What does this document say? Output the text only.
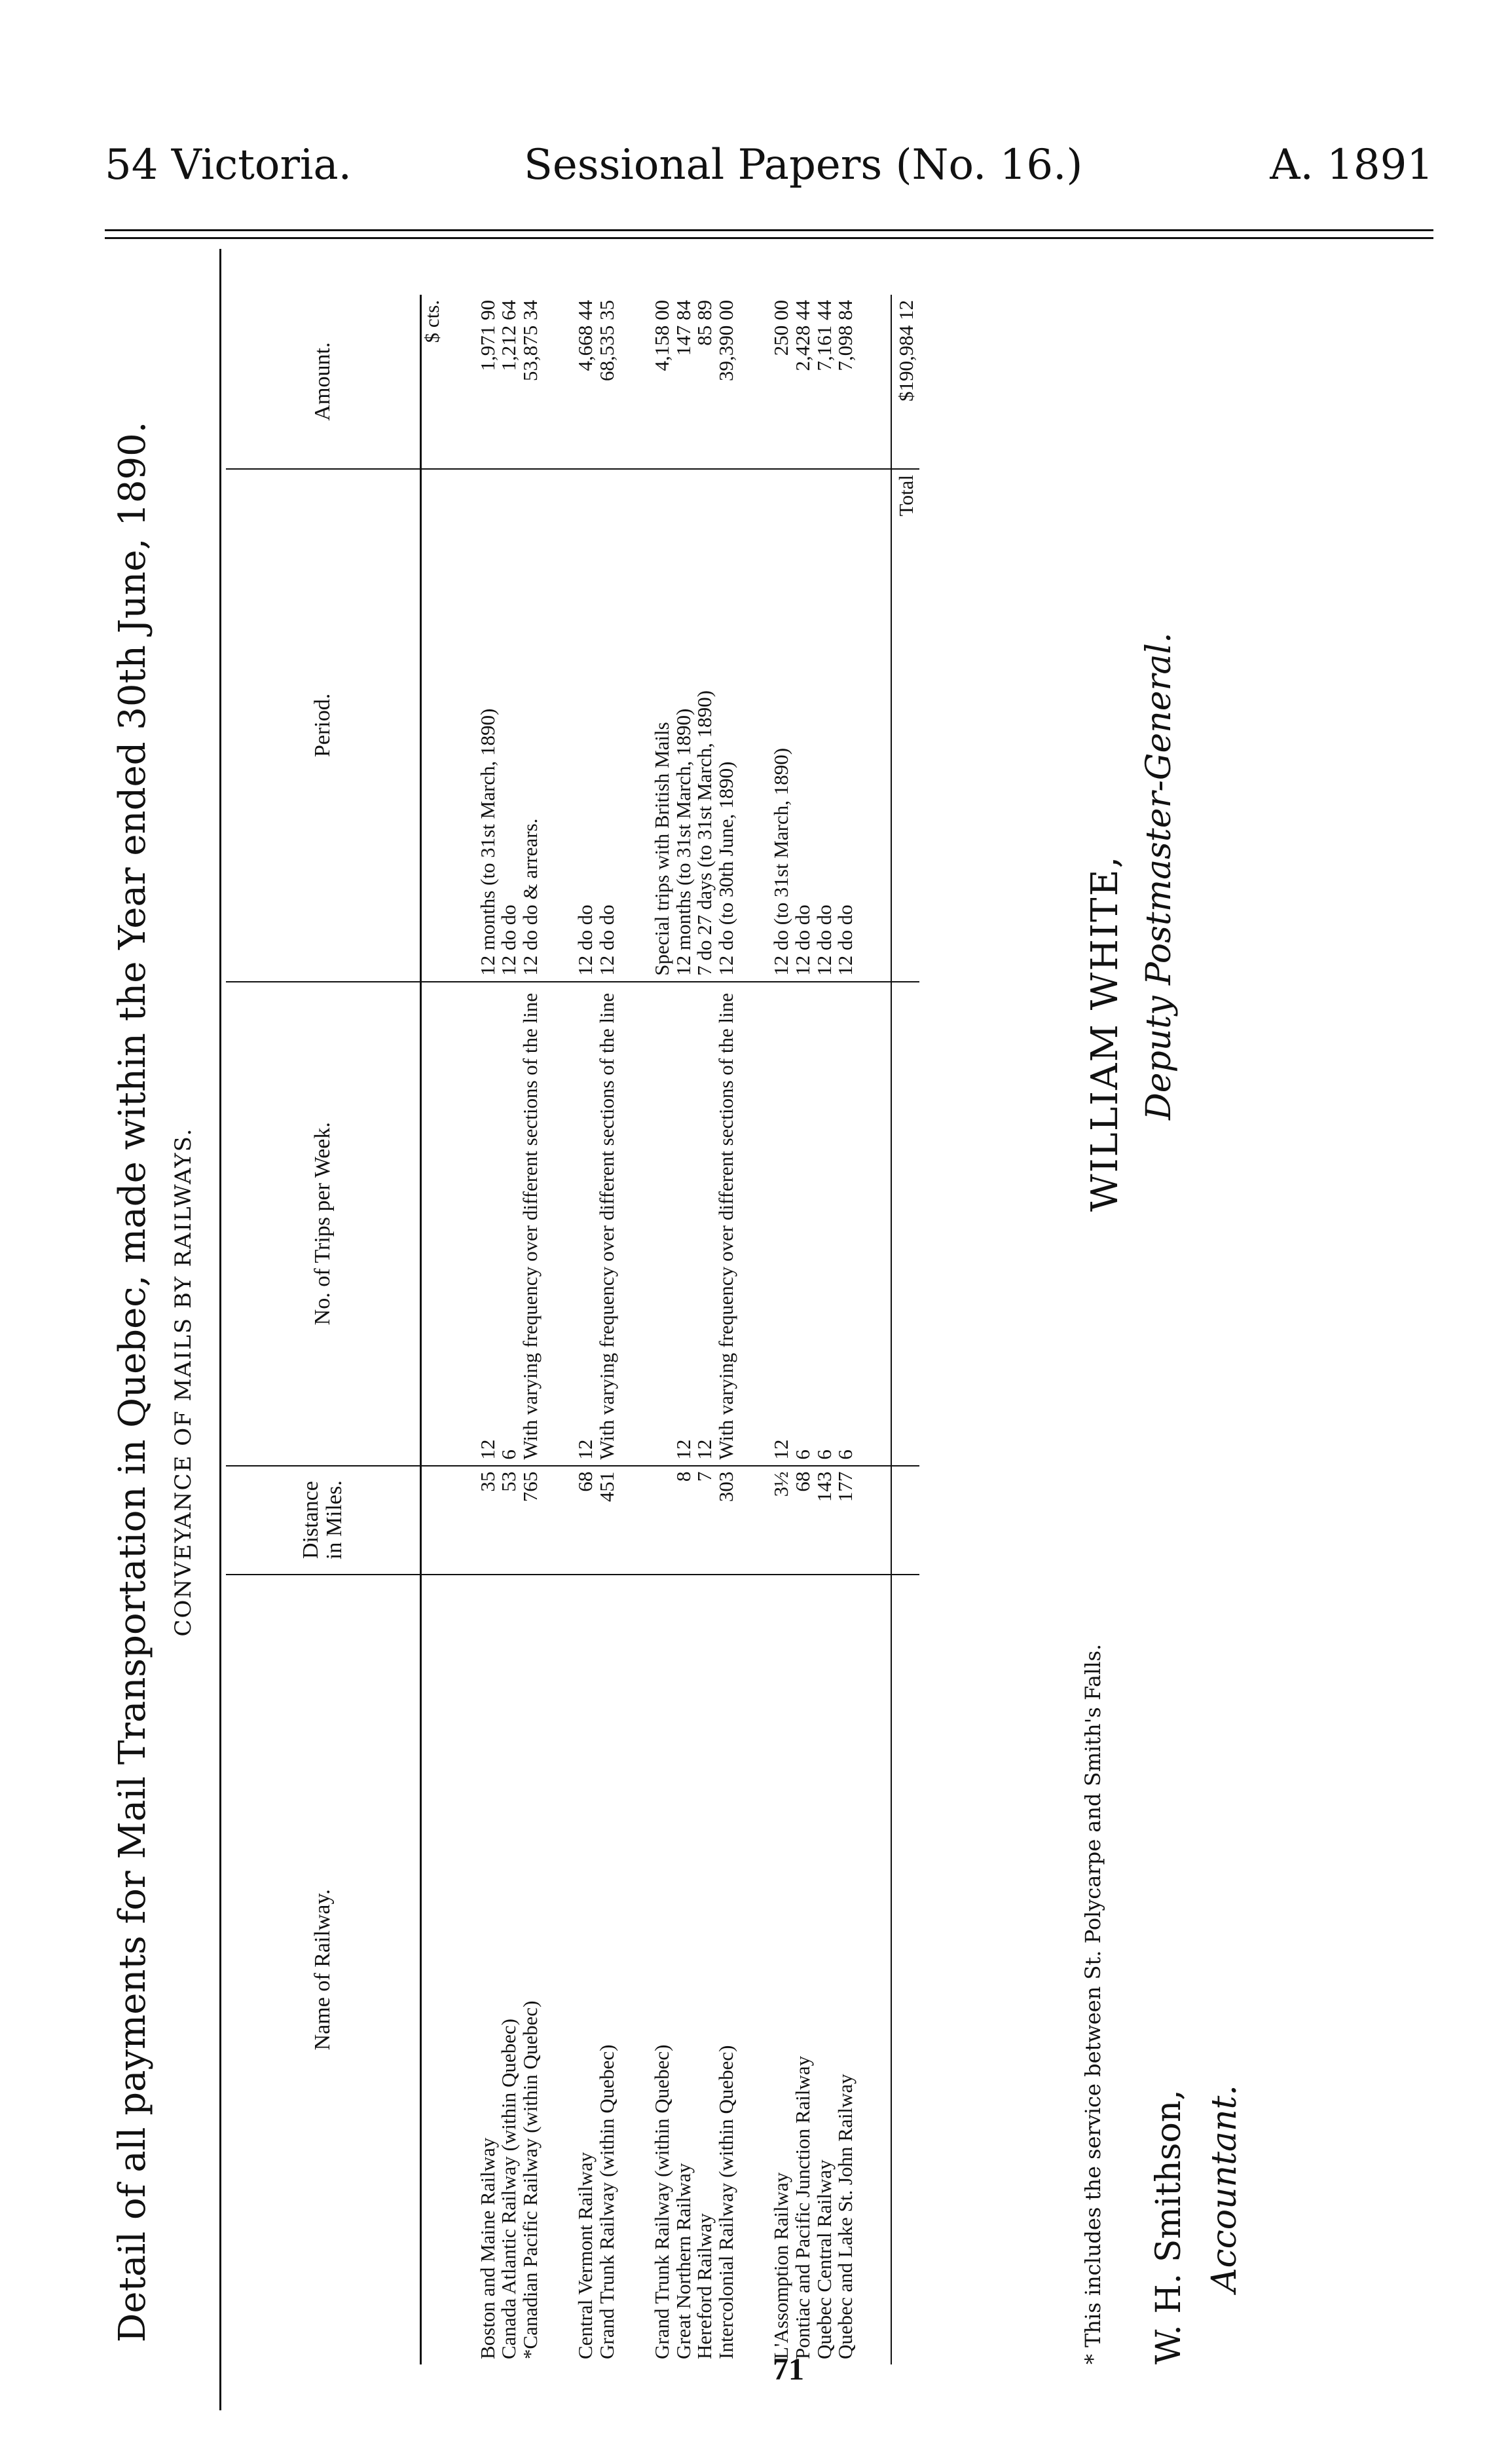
54 Victoria.	Sessional Papers (No. 16.)	A. 1891
Detail of all payments for Mail Transportation in Quebec, made within the Year ended 30th June, 1890. CONVEYANCE OF MAILS BY RAILWAYS.
Name of Railway.	Distance in Miles.	No. of Trips per Week.	Period.	Amount.
				$ cts.

Boston and Maine Railway	35	12	12 months (to 31st March, 1890)	1,971 90
Canada Atlantic Railway (within Quebec)	53	6	12 do do	1,212 64
*Canadian Pacific Railway (within Quebec)	765	With varying frequency over different sections of the line	12 do do & arrears.	53,875 34

Central Vermont Railway	68	12	12 do do	4,668 44
Grand Trunk Railway (within Quebec)	451	With varying frequency over different sections of the line	12 do do	68,535 35

Grand Trunk Railway (within Quebec)			Special trips with British Mails	4,158 00
Great Northern Railway	8	12	12 months (to 31st March, 1890)	147 84
Hereford Railway	7	12	7 do 27 days (to 31st March, 1890)	85 89
Intercolonial Railway (within Quebec)	303	With varying frequency over different sections of the line	12 do (to 30th June, 1890)	39,390 00

L'Assomption Railway	3½	12	12 do (to 31st March, 1890)	250 00
Pontiac and Pacific Junction Railway	68	6	12 do do	2,428 44
Quebec Central Railway	143	6	12 do do	7,161 44
Quebec and Lake St. John Railway	177	6	12 do do	7,098 84

			Total	$190,984 12
* This includes the service between St. Polycarpe and Smith's Falls. W. H. Smithson, Accountant.
WILLIAM WHITE, Deputy Postmaster-General.
71
